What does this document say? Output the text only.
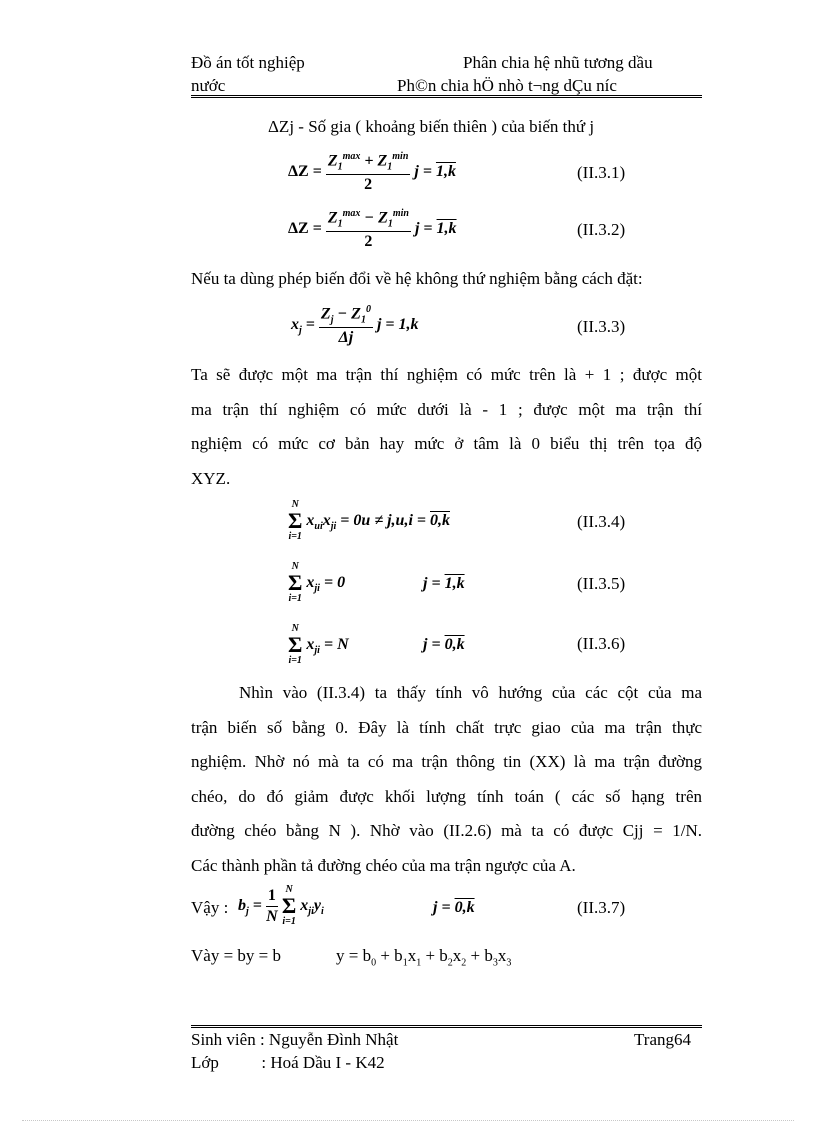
Đồ án tốt nghiệp	Phân chia hệ nhũ tương dầu
nước	Ph©n chia hÖ nhò t¬ng dÇu níc
ΔZj - Số gia ( khoảng biến thiên ) của biến thứ j
$\Delta Z = \frac{Z_1^{max} + Z_1^{min}}{2}$ j = 1,k	(II.3.1)
$\Delta Z = \frac{Z_1^{max} - Z_1^{min}}{2}$ j = 1,k	(II.3.2)
Nếu ta dùng phép biến đổi về hệ không thứ nghiệm bằng cách đặt:
$x_j = \frac{Z_j - Z_1^0}{\Delta j}$ j = 1,k	(II.3.3)
Ta sẽ được một ma trận thí nghiệm có mức trên là + 1 ; được một
ma trận thí nghiệm có mức dưới là - 1 ; được một ma trận thí
nghiệm có mức cơ bản hay mức ở tâm là 0 biểu thị trên tọa độ
XYZ.
N
Σ
i=1
$x_{ui}x_{ji} = 0u \ne j,u,i = 0,k$	(II.3.4)
N
Σ
i=1
$x_{ji} = 0$	j = 1,k	(II.3.5)
N
Σ
i=1
$x_{ji} = N$	j = 0,k	(II.3.6)
Nhìn vào (II.3.4) ta thấy tính vô hướng của các cột của ma
trận biến số bằng 0. Đây là tính chất trực giao của ma trận thực
nghiệm. Nhờ nó mà ta có ma trận thông tin (XX) là ma trận đường
chéo, do đó giảm được khối lượng tính toán ( các số hạng trên
đường chéo bằng N ). Nhờ vào (II.2.6) mà ta có được Cjj = 1/N.
Các thành phần tả đường chéo của ma trận ngược của A.
Vậy : $b_j = \frac{1}{N}$
N
Σ
i=1
$x_{ji}y_i$	j = 0,k	(II.3.7)
Vày = by = b	$y = b_0 + b_1x_1 + b_2x_2 + b_3x_3$
Sinh viên : Nguyễn Đình Nhật	Trang64
Lớp          : Hoá Dầu I - K42
